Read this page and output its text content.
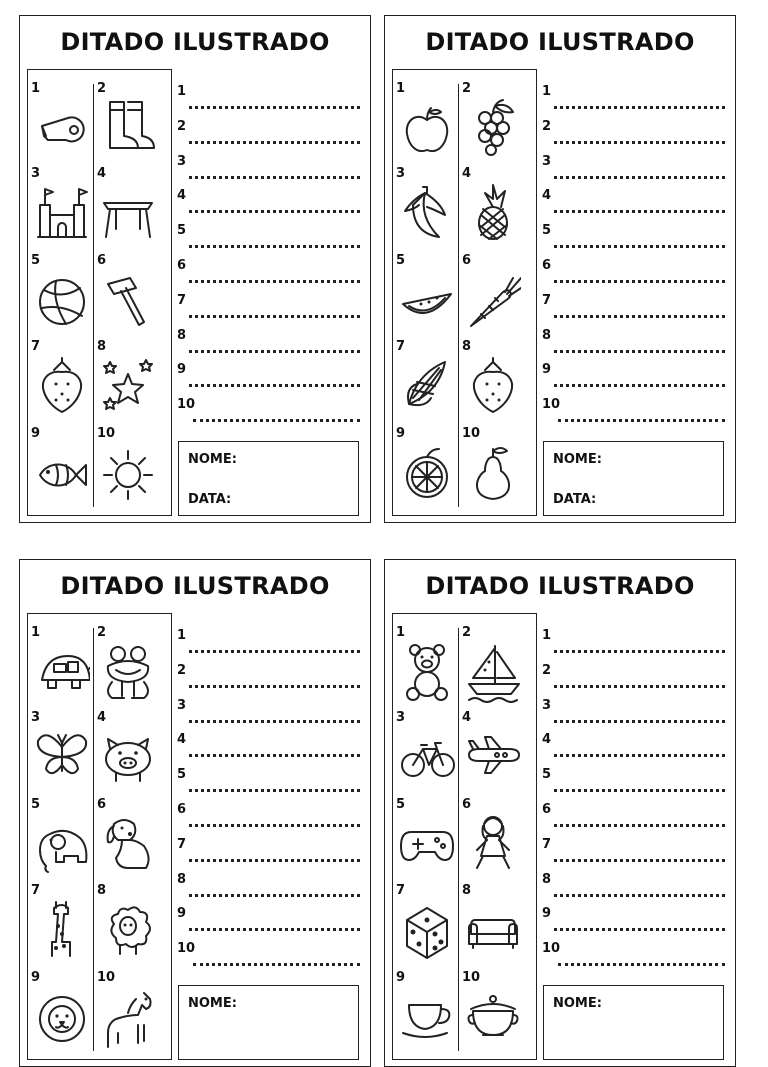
DITADO ILUSTRADO
1	2
3	4
5	6
7	8
9	10
1
2
3
4
5
6
7
8
9
10
NOME:
DATA:
DITADO ILUSTRADO
1	2
3	4
5	6
7	8
9	10
1
2
3
4
5
6
7
8
9
10
NOME:
DATA:
DITADO ILUSTRADO
1	2
3	4
5	6
7	8
9	10
1
2
3
4
5
6
7
8
9
10
NOME:
DITADO ILUSTRADO
1	2
3	4
5	6
7	8
9	10
1
2
3
4
5
6
7
8
9
10
NOME:
